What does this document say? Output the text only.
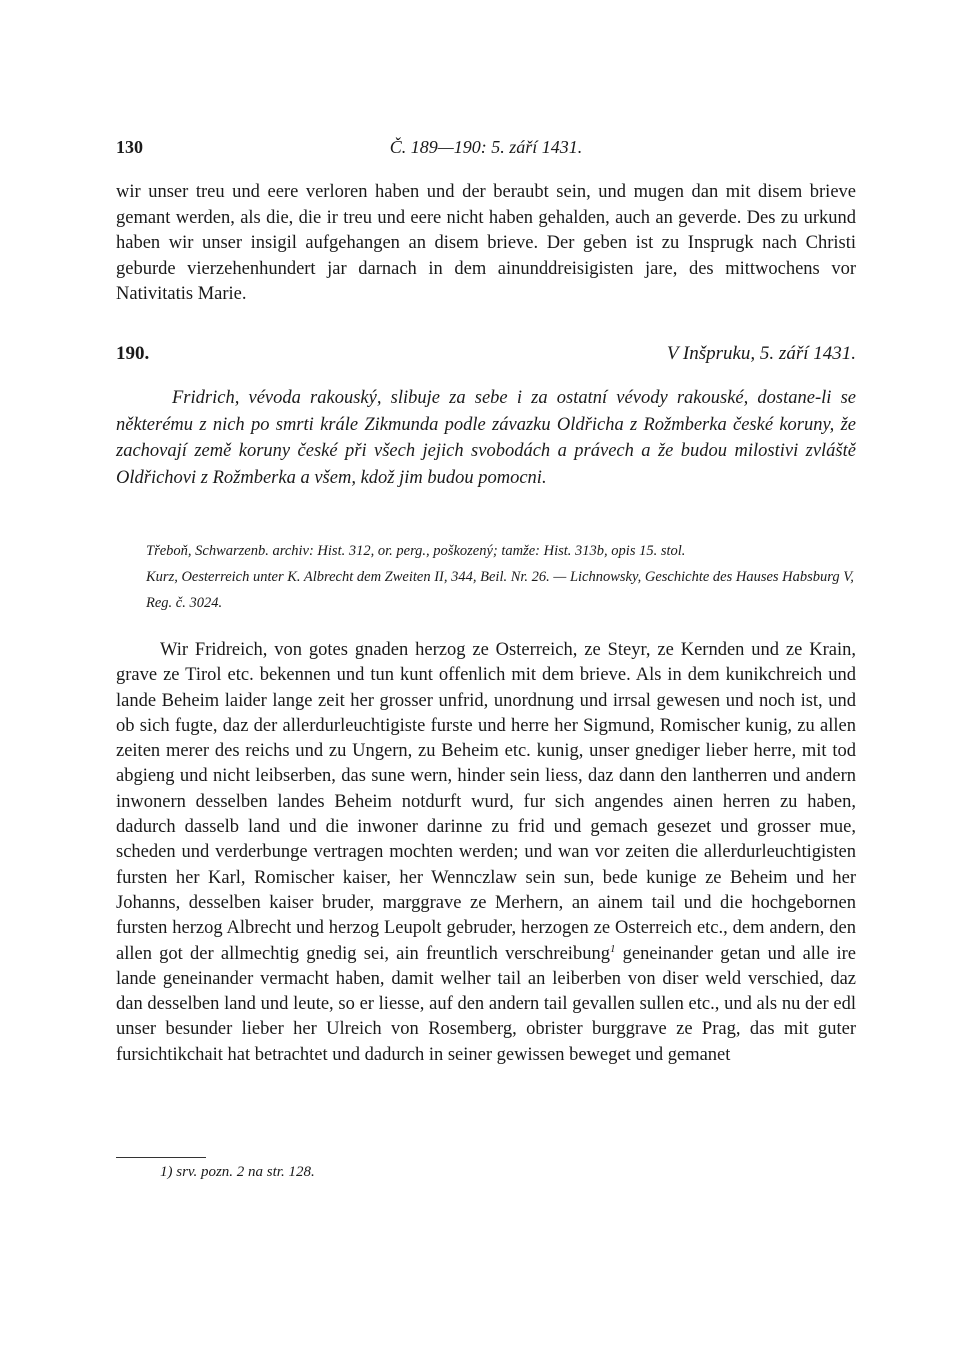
130	Č. 189—190: 5. září 1431.

wir unser treu und eere verloren haben und der beraubt sein, und mugen dan mit disem brieve gemant werden, als die, die ir treu und eere nicht haben gehalden, auch an geverde. Des zu urkund haben wir unser insigil aufgehangen an disem brieve. Der geben ist zu Insprugk nach Christi geburde vierzehenhundert jar darnach in dem ainunddreisigisten jare, des mittwochens vor Nativitatis Marie.

190.	V Inšpruku, 5. září 1431.

Fridrich, vévoda rakouský, slibuje za sebe i za ostatní vévody rakouské, dostane-li se některému z nich po smrti krále Zikmunda podle závazku Oldřicha z Rožmberka české koruny, že zachovají země koruny české při všech jejich svobodách a právech a že budou milostivi zvláště Oldřichovi z Rožmberka a všem, kdož jim budou pomocni.

Třeboň, Schwarzenb. archiv: Hist. 312, or. perg., poškozený; tamže: Hist. 313b, opis 15. stol.
Kurz, Oesterreich unter K. Albrecht dem Zweiten II, 344, Beil. Nr. 26. — Lichnowsky, Geschichte des Hauses Habsburg V, Reg. č. 3024.

Wir Fridreich, von gotes gnaden herzog ze Osterreich, ze Steyr, ze Kernden und ze Krain, grave ze Tirol etc. bekennen und tun kunt offenlich mit dem brieve. Als in dem kunikchreich und lande Beheim laider lange zeit her grosser unfrid, unordnung und irrsal gewesen und noch ist, und ob sich fugte, daz der allerdurleuchtigiste furste und herre her Sigmund, Romischer kunig, zu allen zeiten merer des reichs und zu Ungern, zu Beheim etc. kunig, unser gnediger lieber herre, mit tod abgieng und nicht leibserben, das sune wern, hinder sein liess, daz dann den lantherren und andern inwonern desselben landes Beheim notdurft wurd, fur sich angendes ainen herren zu haben, dadurch dasselb land und die inwoner darinne zu frid und gemach gesezet und grosser mue, scheden und verderbunge vertragen mochten werden; und wan vor zeiten die allerdurleuchtigisten fursten her Karl, Romischer kaiser, her Wennczlaw sein sun, bede kunige ze Beheim und her Johanns, desselben kaiser bruder, marggrave ze Merhern, an ainem tail und die hochgebornen fursten herzog Albrecht und herzog Leupolt gebruder, herzogen ze Osterreich etc., dem andern, den allen got der allmechtig gnedig sei, ain freuntlich verschreibung$^1$ geneinander getan und alle ire lande geneinander vermacht haben, damit welher tail an leiberben von diser weld verschied, daz dan desselben land und leute, so er liesse, auf den andern tail gevallen sullen etc., und als nu der edl unser besunder lieber her Ulreich von Rosemberg, obrister burggrave ze Prag, das mit guter fursichtikchait hat betrachtet und dadurch in seiner gewissen beweget und gemanet

1) srv. pozn. 2 na str. 128.
